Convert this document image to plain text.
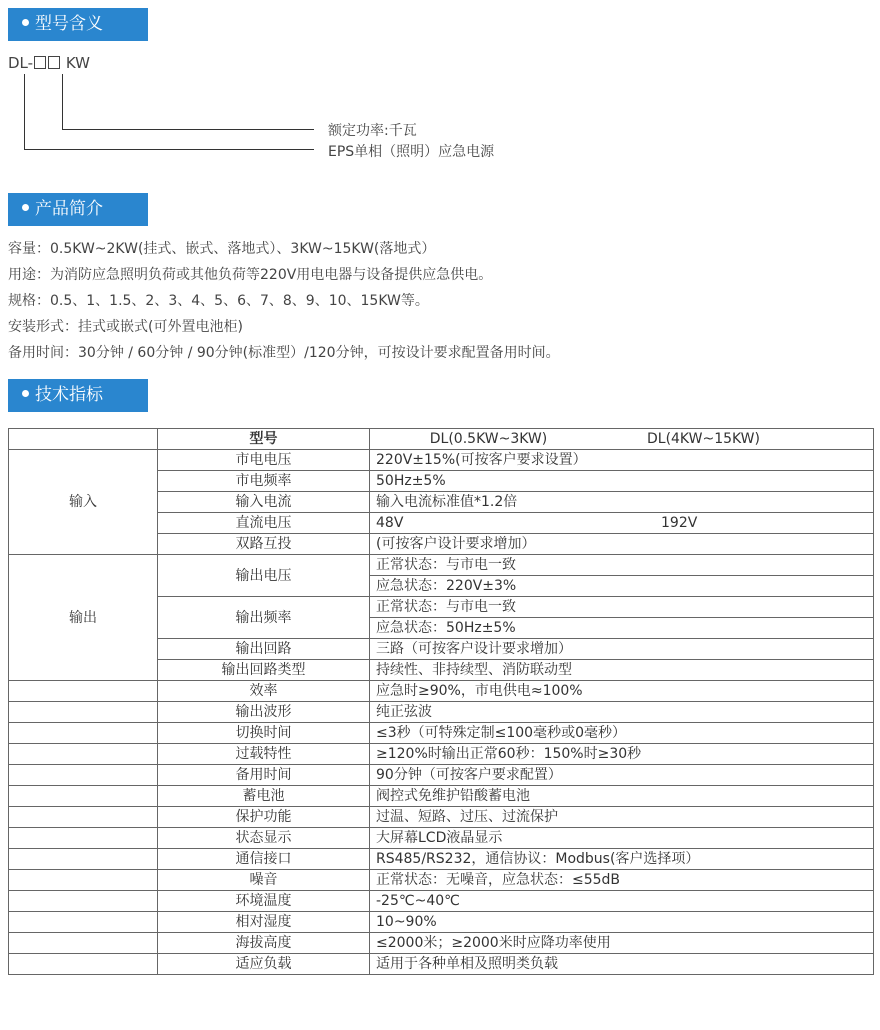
型号含义
DL- KW
额定功率:千瓦
EPS单相（照明）应急电源
产品简介
容量：0.5KW~2KW(挂式、嵌式、落地式）、3KW~15KW(落地式）
用途：为消防应急照明负荷或其他负荷等220V用电电器与设备提供应急供电。
规格：0.5、1、1.5、2、3、4、5、6、7、8、9、10、15KW等。
安装形式：挂式或嵌式(可外置电池柜)
备用时间：30分钟 / 60分钟 / 90分钟(标准型）/120分钟，可按设计要求配置备用时间。
技术指标
	型号	DL(0.5KW~3KW) DL(4KW~15KW)
输入	市电电压	220V±15%(可按客户要求设置）
	市电频率	50Hz±5%
	输入电流	输入电流标准值*1.2倍
	直流电压	48V 192V
	双路互投	(可按客户设计要求增加）
输出	输出电压	正常状态：与市电一致
		应急状态：220V±3%
	输出频率	正常状态：与市电一致
		应急状态：50Hz±5%
	输出回路	三路（可按客户设计要求增加）
	输出回路类型	持续性、非持续型、消防联动型
	效率	应急时≥90%，市电供电≈100%
	输出波形	纯正弦波
	切换时间	≤3秒（可特殊定制≤100毫秒或0毫秒）
	过载特性	≥120%时输出正常60秒：150%时≥30秒
	备用时间	90分钟（可按客户要求配置）
	蓄电池	阀控式免维护铅酸蓄电池
	保护功能	过温、短路、过压、过流保护
	状态显示	大屏幕LCD液晶显示
	通信接口	RS485/RS232，通信协议：Modbus(客户选择项）
	噪音	正常状态：无噪音，应急状态：≤55dB
	环境温度	-25℃~40℃
	相对湿度	10~90%
	海拔高度	≤2000米；≥2000米时应降功率使用
	适应负载	适用于各种单相及照明类负载
